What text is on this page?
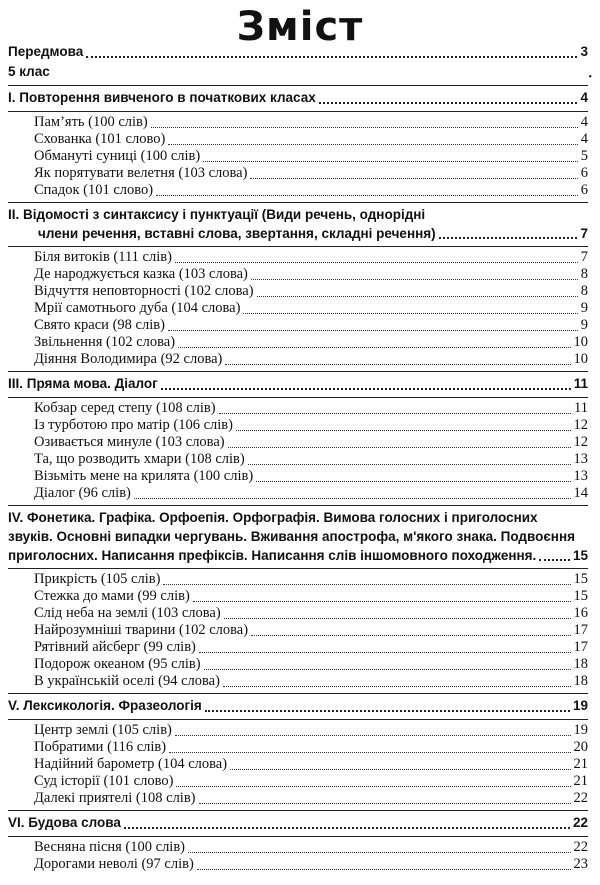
Зміст
•
Передмова	3
5 клас
І. Повторення вивченого в початкових класах	4
Пам’ять (100 слів)	4
Схованка (101 слово)	4
Обмануті суниці (100 слів)	5
Як порятувати велетня (103 слова)	6
Спадок (101 слово)	6
ІІ. Відомості з синтаксису і пунктуації (Види речень, однорідні
члени речення, вставні слова, звертання, складні речення)	7
Біля витоків (111 слів)	7
Де народжується казка (103 слова)	8
Відчуття неповторності (102 слова)	8
Мрії самотнього дуба (104 слова)	9
Свято краси (98 слів)	9
Звільнення (102 слова)	10
Діяння Володимира (92 слова)	10
ІІІ. Пряма мова. Діалог	11
Кобзар серед степу (108 слів)	11
Із турботою про матір (106 слів)	12
Озивається минуле (103 слова)	12
Та, що розводить хмари (108 слів)	13
Візьміть мене на крилята (100 слів)	13
Діалог (96 слів)	14
IV. Фонетика. Графіка. Орфоепія. Орфографія. Вимова голосних і приголосних
звуків. Основні випадки чергувань. Вживання апострофа, м'якого знака. Подвоєння
приголосних. Написання префіксів. Написання слів іншомовного походження.	15
Прикрість (105 слів)	15
Стежка до мами (99 слів)	15
Слід неба на землі (103 слова)	16
Найрозумніші тварини (102 слова)	17
Рятівний айсберг (99 слів)	17
Подорож океаном (95 слів)	18
В українській оселі (94 слова)	18
V. Лексикологія. Фразеологія	19
Центр землі (105 слів)	19
Побратими (116 слів)	20
Надійний барометр (104 слова)	21
Суд історії (101 слово)	21
Далекі приятелі (108 слів)	22
VI. Будова слова	22
Весняна пісня (100 слів)	22
Дорогами неволі (97 слів)	23
